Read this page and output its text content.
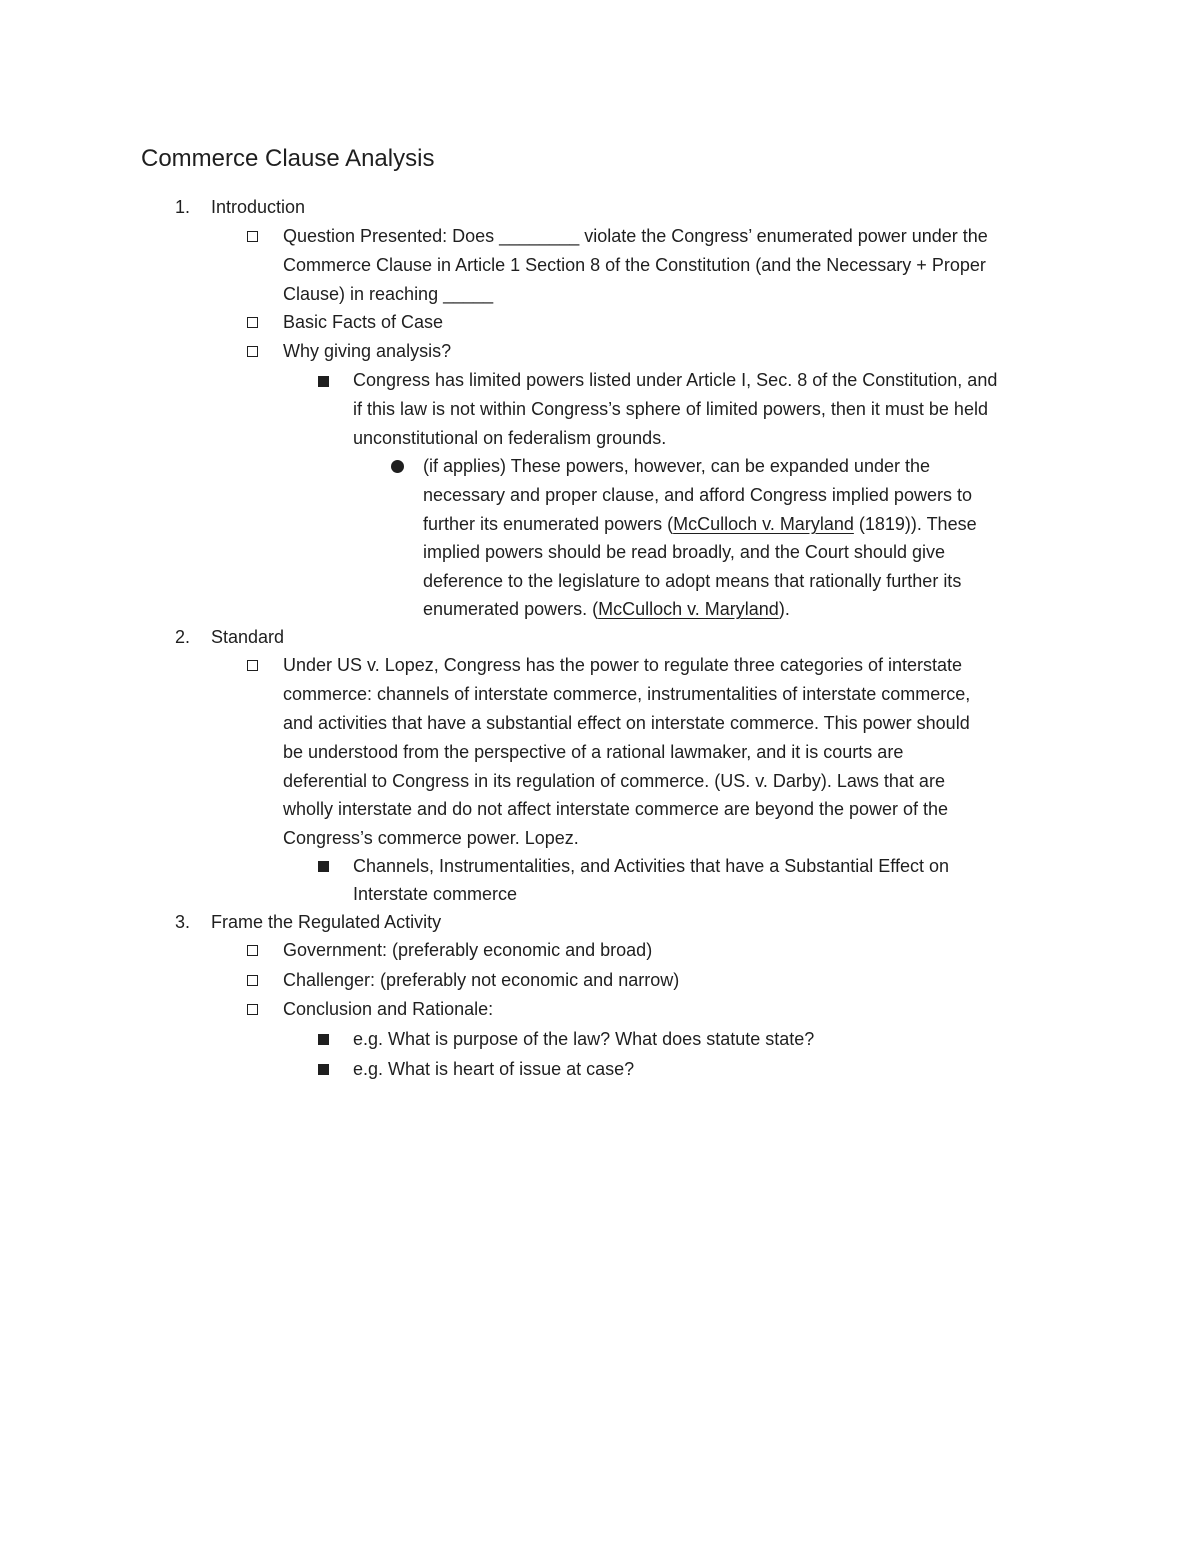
Commerce Clause Analysis
1. Introduction
Question Presented: Does ________ violate the Congress’ enumerated power under the
Commerce Clause in Article 1 Section 8 of the Constitution (and the Necessary + Proper
Clause) in reaching _____
Basic Facts of Case
Why giving analysis?
Congress has limited powers listed under Article I, Sec. 8 of the Constitution, and
if this law is not within Congress’s sphere of limited powers, then it must be held
unconstitutional on federalism grounds.
(if applies) These powers, however, can be expanded under the
necessary and proper clause, and afford Congress implied powers to
further its enumerated powers (McCulloch v. Maryland (1819)). These
implied powers should be read broadly, and the Court should give
deference to the legislature to adopt means that rationally further its
enumerated powers. (McCulloch v. Maryland).
2. Standard
Under US v. Lopez, Congress has the power to regulate three categories of interstate
commerce: channels of interstate commerce, instrumentalities of interstate commerce,
and activities that have a substantial effect on interstate commerce. This power should
be understood from the perspective of a rational lawmaker, and it is courts are
deferential to Congress in its regulation of commerce. (US. v. Darby). Laws that are
wholly interstate and do not affect interstate commerce are beyond the power of the
Congress’s commerce power. Lopez.
Channels, Instrumentalities, and Activities that have a Substantial Effect on
Interstate commerce
3. Frame the Regulated Activity
Government: (preferably economic and broad)
Challenger: (preferably not economic and narrow)
Conclusion and Rationale:
e.g. What is purpose of the law? What does statute state?
e.g. What is heart of issue at case?
